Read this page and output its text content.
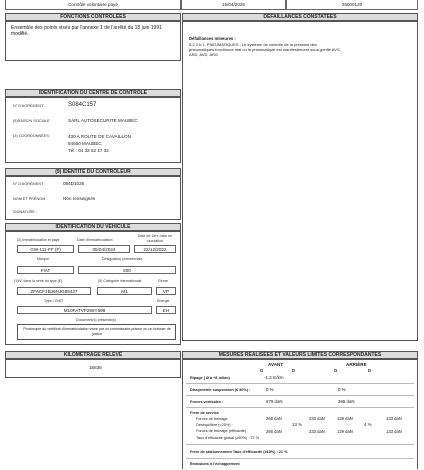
Contrôle volontaire payé	15/04/2026	26000120
FONCTIONS CONTRÔLÉES
Ensemble des points visés par l'annexe 1 de l'arrêté du 18 juin 1991 modifié.
DÉFAILLANCES CONSTATÉES
Défaillances mineures :
5.2.3.h.1. PNEUMATIQUES : Le système de contrôle de la pression des
pneumatiques fonctionne mal ou le pneumatique est manifestement sous-gonflé AVG,
ARD, AVD, ARG
IDENTIFICATION DU CENTRE DE CONTRÔLE
N° D'AGRÉMENT	S084C157
(5)RAISON SOCIALE	SARL AUTOSECURITE MAUBEC
(3) COORDONNÉES	430 A ROUTE DE CAVAILLON
84660 MAUBEC
Tél : 04 32 52 17 32
(9) IDENTITÉ DU CONTRÔLEUR
N° D'AGRÉMENT	084D1026
NOM ET PRÉNOM	Non renseignés
SIGNATURE :
IDENTIFICATION DU VÉHICULE
(2) Immatriculation et pays	Date d'immatriculation
Date de 1ère mise en circulation
GW-111-FF (F)	05/04/2024	22/12/2022
Marque	Désignation commerciale
FIAT	500
(1)N° dans la série du type (E)	(5) Catégorie internationale	Genre
ZFACF1BJ6NJG89427	M1	VP
Type / CNIT	Énergie
M10FATVP298Y598	EH
Document(s) présenté(s)
Photocopie du certificat d'immatriculation visée par un commissaire-priseur ou un huissier de justice
KILOMÉTRAGE RELEVÉ
15636
MESURES RÉALISÉES ET VALEURS LIMITES CORRESPONDANTES
AVANT	ARRIÈRE
G	D	G	D
Ripage ( Ø à +8 m/km)	-1.3 m/km
Dissymétrie suspension (≤ 30%) :	0 %	0 %
Forces verticales :	679 daN	365 daN
Frein de service
Forces de freinage	266 daN	233 daN	129 daN	133 daN
Déséquilibre (<20%) :	13 %	4 %
Forces de freinage (efficacité)	266 daN	233 daN	129 daN	133 daN
Taux d'efficacité global (≥50%) : 72 %
Frein de stationnement Taux d'efficacité (≥18%) : 21 %
Émissions à l'échappement
